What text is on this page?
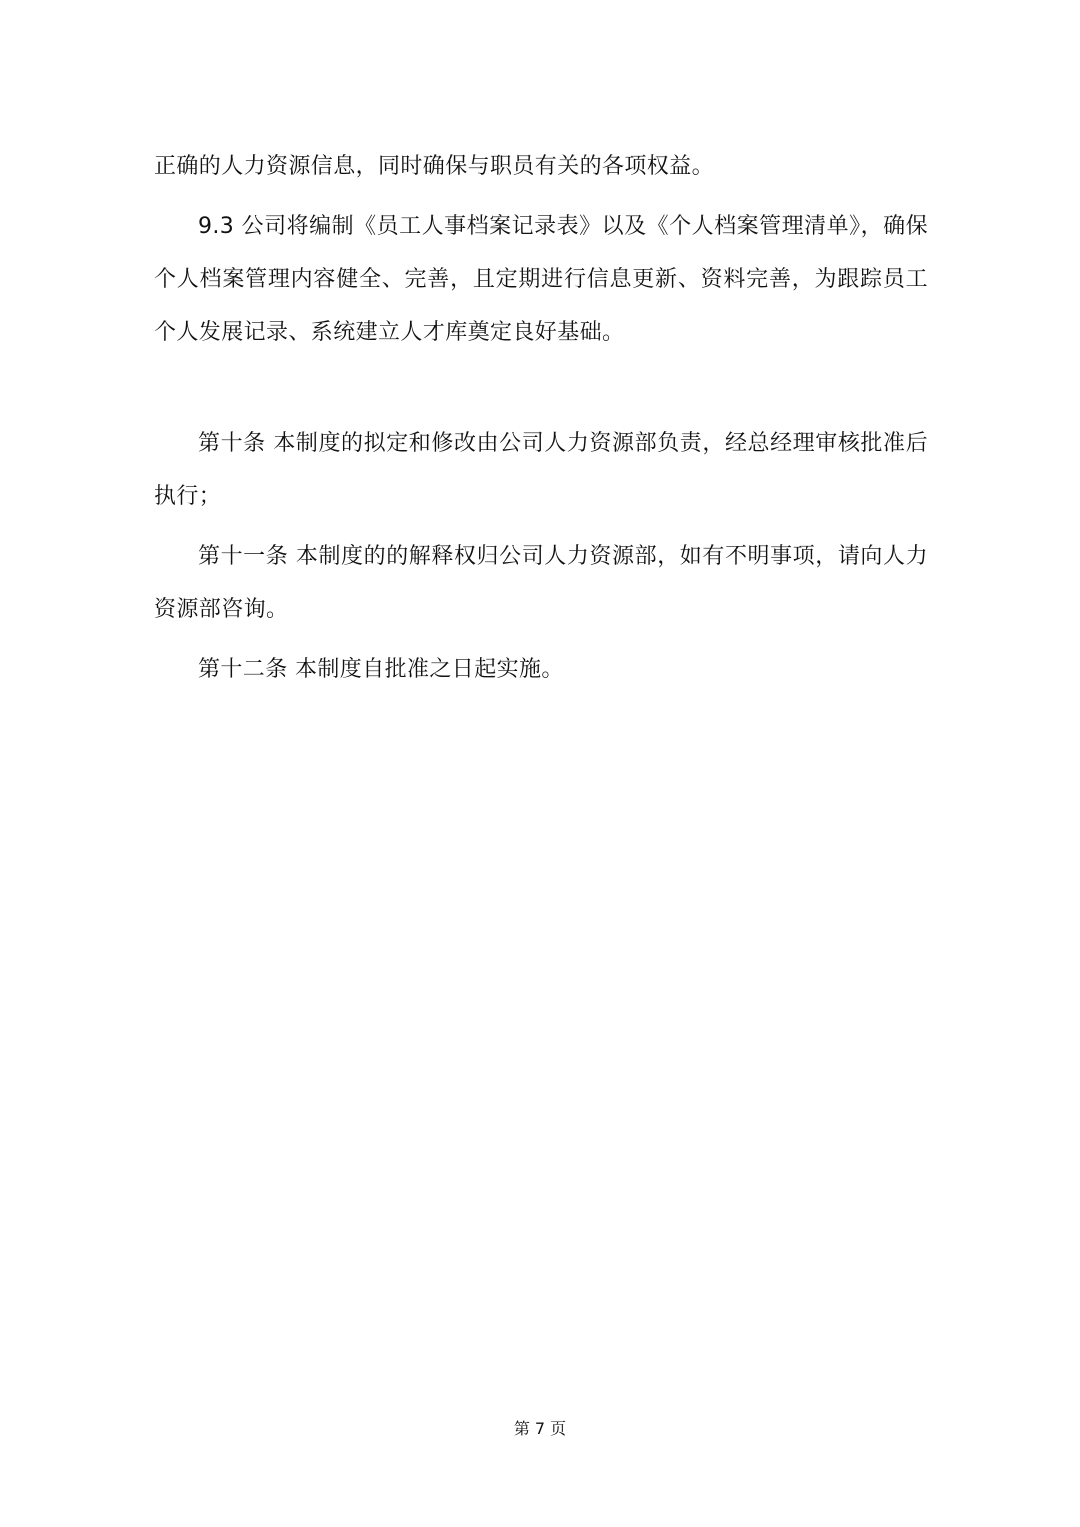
正确的人力资源信息，同时确保与职员有关的各项权益。

9.3 公司将编制《员工人事档案记录表》以及《个人档案管理清单》，确保个人档案管理内容健全、完善，且定期进行信息更新、资料完善，为跟踪员工个人发展记录、系统建立人才库奠定良好基础。

第十条 本制度的拟定和修改由公司人力资源部负责，经总经理审核批准后执行；

第十一条 本制度的的解释权归公司人力资源部，如有不明事项，请向人力资源部咨询。

第十二条 本制度自批准之日起实施。

第 7 页
